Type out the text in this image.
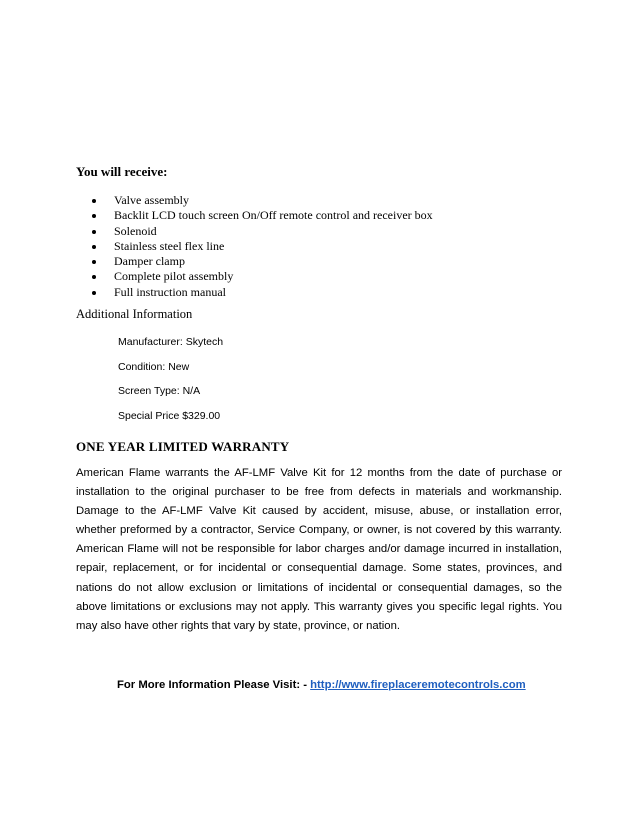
You will receive:

Valve assembly
Backlit LCD touch screen On/Off remote control and receiver box
Solenoid
Stainless steel flex line
Damper clamp
Complete pilot assembly
Full instruction manual

Additional Information

Manufacturer: Skytech
Condition: New
Screen Type: N/A
Special Price $329.00

ONE YEAR LIMITED WARRANTY

American Flame warrants the AF-LMF Valve Kit for 12 months from the date of purchase or installation to the original purchaser to be free from defects in materials and workmanship. Damage to the AF-LMF Valve Kit caused by accident, misuse, abuse, or installation error, whether preformed by a contractor, Service Company, or owner, is not covered by this warranty. American Flame will not be responsible for labor charges and/or damage incurred in installation, repair, replacement, or for incidental or consequential damage. Some states, provinces, and nations do not allow exclusion or limitations of incidental or consequential damages, so the above limitations or exclusions may not apply. This warranty gives you specific legal rights. You may also have other rights that vary by state, province, or nation.

For More Information Please Visit: - http://www.fireplaceremotecontrols.com
